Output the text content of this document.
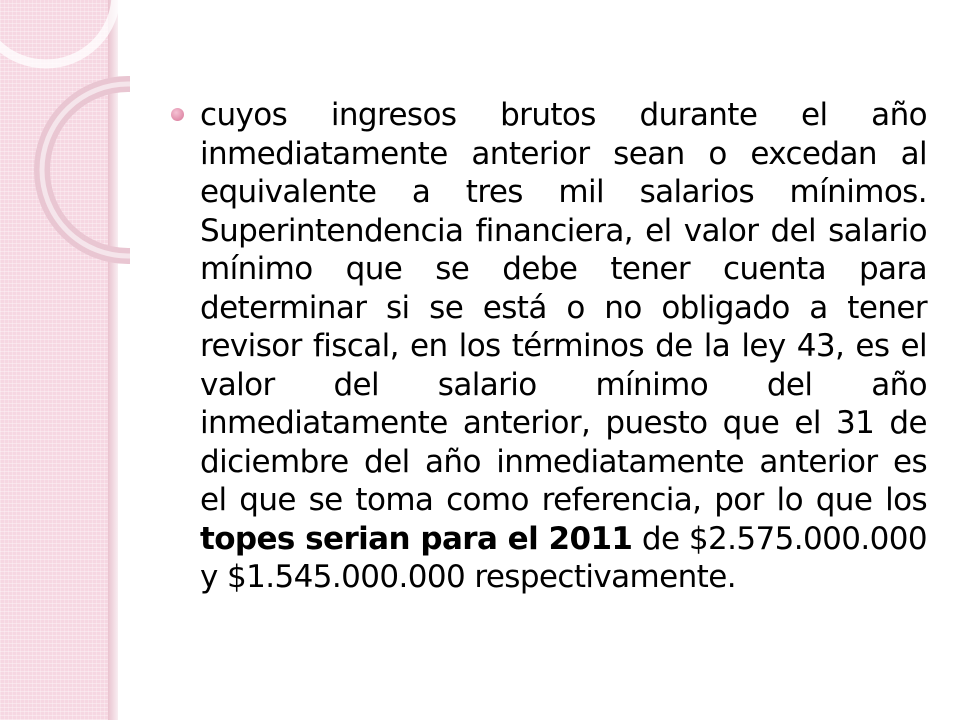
cuyos ingresos brutos durante el año inmediatamente anterior sean o excedan al equivalente a tres mil salarios mínimos. Superintendencia financiera, el valor del salario mínimo que se debe tener cuenta para determinar si se está o no obligado a tener revisor fiscal, en los términos de la ley 43, es el valor del salario mínimo del año inmediatamente anterior, puesto que el 31 de diciembre del año inmediatamente anterior es el que se toma como referencia, por lo que los topes serian para el 2011 de $2.575.000.000 y $1.545.000.000 respectivamente.
